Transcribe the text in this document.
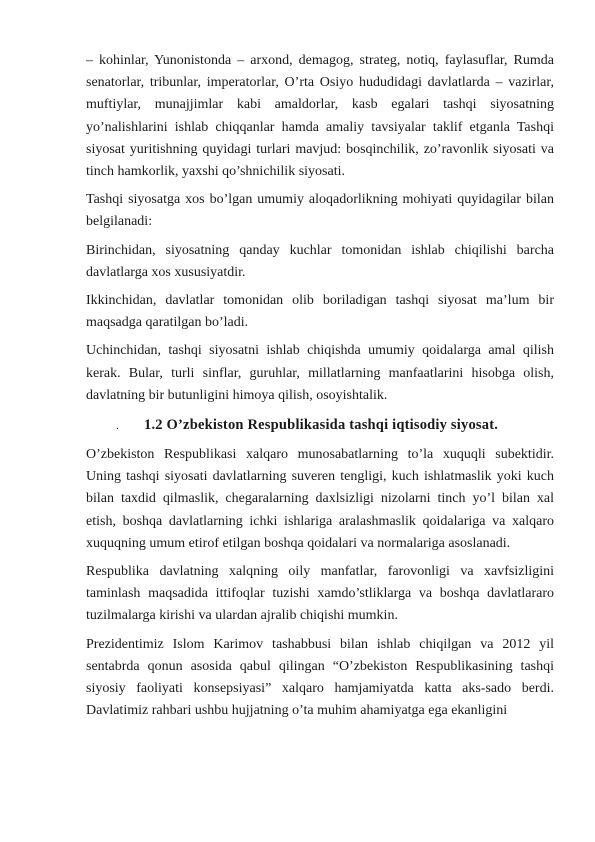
– kohinlar, Yunonistonda – arxond, demagog, strateg, notiq, faylasuflar, Rumda senatorlar, tribunlar, imperatorlar, O’rta Osiyo hududidagi davlatlarda – vazirlar, muftiylar, munajjimlar kabi amaldorlar, kasb egalari tashqi siyosatning yo’nalishlarini ishlab chiqqanlar hamda amaliy tavsiyalar taklif etganla Tashqi siyosat yuritishning quyidagi turlari mavjud: bosqinchilik, zo’ravonlik siyosati va tinch hamkorlik, yaxshi qo’shnichilik siyosati.

Tashqi siyosatga xos bo’lgan umumiy aloqadorlikning mohiyati quyidagilar bilan belgilanadi:

Birinchidan, siyosatning qanday kuchlar tomonidan ishlab chiqilishi barcha davlatlarga xos xususiyatdir.

Ikkinchidan, davlatlar tomonidan olib boriladigan tashqi siyosat ma’lum bir maqsadga qaratilgan bo’ladi.

Uchinchidan, tashqi siyosatni ishlab chiqishda umumiy qoidalarga amal qilish kerak. Bular, turli sinflar, guruhlar, millatlarning manfaatlarini hisobga olish, davlatning bir butunligini himoya qilish, osoyishtalik.

.	1.2 O’zbekiston Respublikasida tashqi iqtisodiy siyosat.

O’zbekiston Respublikasi xalqaro munosabatlarning to’la xuquqli subektidir. Uning tashqi siyosati davlatlarning suveren tengligi, kuch ishlatmaslik yoki kuch bilan taxdid qilmaslik, chegaralarning daxlsizligi nizolarni tinch yo’l bilan xal etish, boshqa davlatlarning ichki ishlariga aralashmaslik qoidalariga va xalqaro xuquqning umum etirof etilgan boshqa qoidalari va normalariga asoslanadi.

Respublika davlatning xalqning oily manfatlar, farovonligi va xavfsizligini taminlash maqsadida ittifoqlar tuzishi xamdo’stliklarga va boshqa davlatlararo tuzilmalarga kirishi va ulardan ajralib chiqishi mumkin.

Prezidentimiz Islom Karimov tashabbusi bilan ishlab chiqilgan va 2012 yil sentabrda qonun asosida qabul qilingan “O’zbekiston Respublikasining tashqi siyosiy faoliyati konsepsiyasi” xalqaro hamjamiyatda katta aks-sado berdi. Davlatimiz rahbari ushbu hujjatning o’ta muhim ahamiyatga ega ekanligini
